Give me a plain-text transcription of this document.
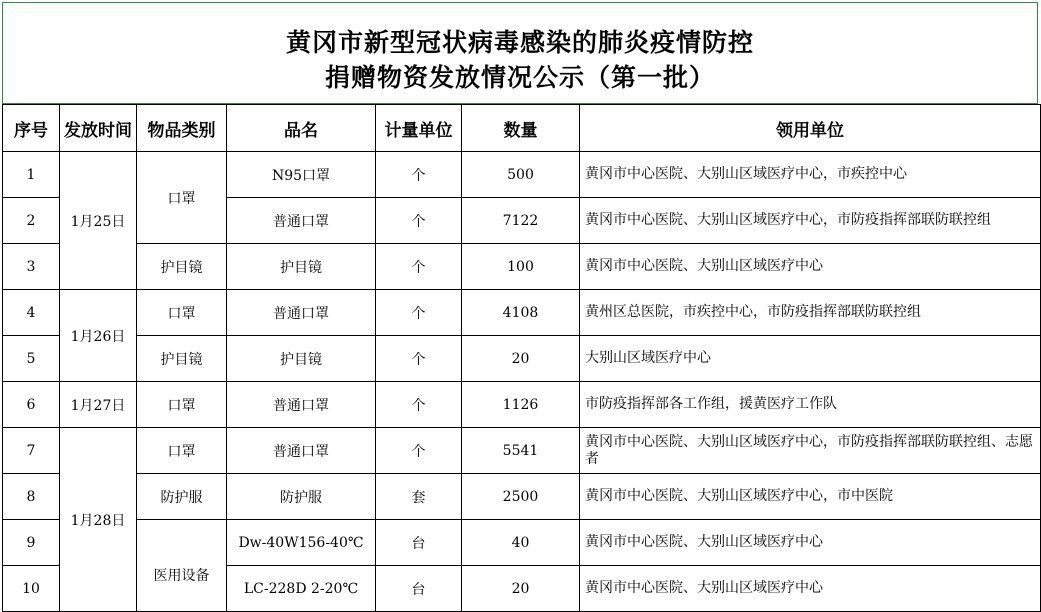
黄冈市新型冠状病毒感染的肺炎疫情防控
捐赠物资发放情况公示（第一批）
序号	发放时间	物品类别	品名	计量单位	数量	领用单位
1	1月25日	口罩	N95口罩	个	500	黄冈市中心医院、大别山区域医疗中心，市疾控中心
2			普通口罩	个	7122	黄冈市中心医院、大别山区域医疗中心，市防疫指挥部联防联控组
3		护目镜	护目镜	个	100	黄冈市中心医院、大别山区域医疗中心
4	1月26日	口罩	普通口罩	个	4108	黄州区总医院，市疾控中心，市防疫指挥部联防联控组
5		护目镜	护目镜	个	20	大别山区域医疗中心
6	1月27日	口罩	普通口罩	个	1126	市防疫指挥部各工作组，援黄医疗工作队
7	1月28日	口罩	普通口罩	个	5541	黄冈市中心医院、大别山区域医疗中心，市防疫指挥部联防联控组、志愿者
8		防护服	防护服	套	2500	黄冈市中心医院、大别山区域医疗中心，市中医院
9		医用设备	Dw-40W156-40℃	台	40	黄冈市中心医院、大别山区域医疗中心
10			LC-228D 2-20℃	台	20	黄冈市中心医院、大别山区域医疗中心
